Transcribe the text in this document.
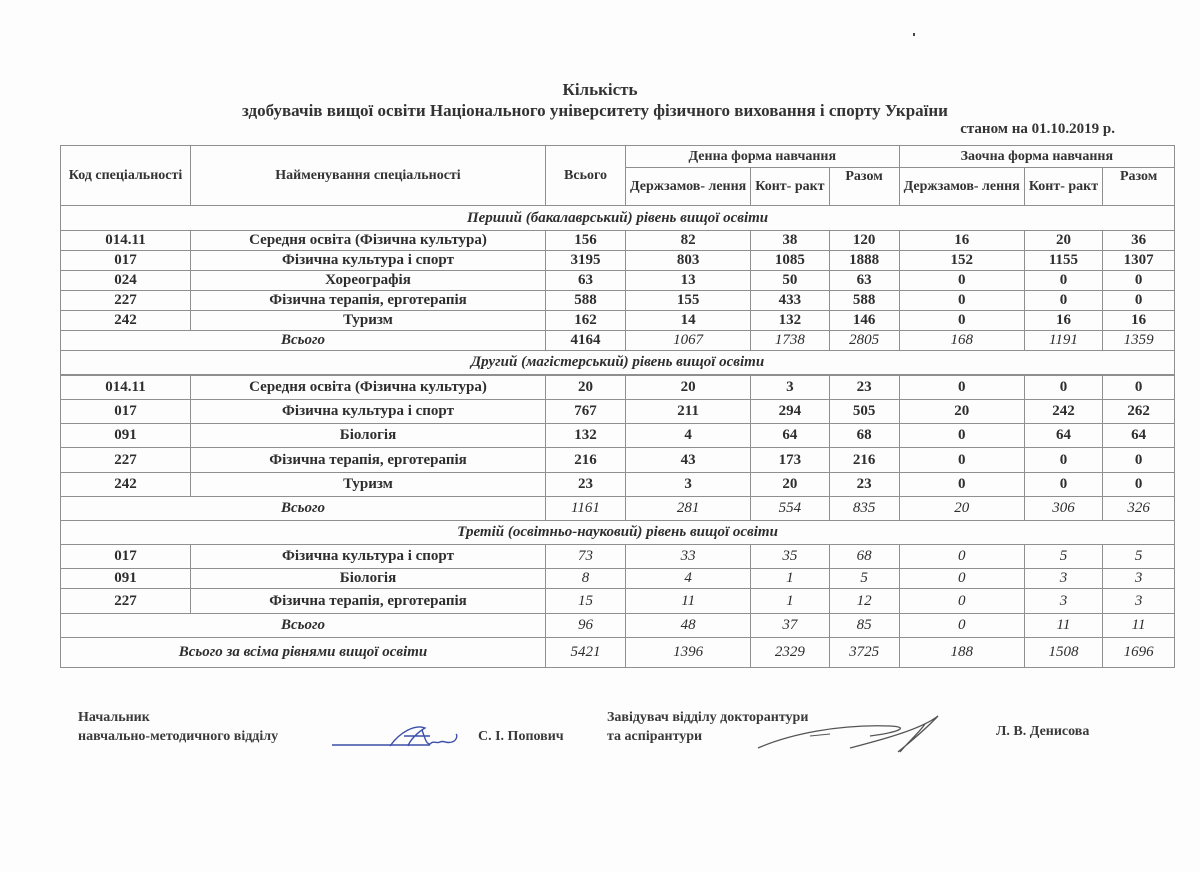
Кількість
здобувачів вищої освіти Національного університету фізичного виховання і спорту України
станом на 01.10.2019 р.
Код спеціальності	Найменування спеціальності	Всього	Денна форма навчання			Заочна форма навчання		
			Держзамов- лення	Конт- ракт	Разом	Держзамов- лення	Конт- ракт	Разом
Перший (бакалаврський) рівень вищої освіти								
014.11	Середня освіта (Фізична культура)	156	82	38	120	16	20	36
017	Фізична культура і спорт	3195	803	1085	1888	152	1155	1307
024	Хореографія	63	13	50	63	0	0	0
227	Фізична терапія, ерготерапія	588	155	433	588	0	0	0
242	Туризм	162	14	132	146	0	16	16
Всього		4164	1067	1738	2805	168	1191	1359
Другий (магістерський) рівень вищої освіти								
014.11	Середня освіта (Фізична культура)	20	20	3	23	0	0	0
017	Фізична культура і спорт	767	211	294	505	20	242	262
091	Біологія	132	4	64	68	0	64	64
227	Фізична терапія, ерготерапія	216	43	173	216	0	0	0
242	Туризм	23	3	20	23	0	0	0
Всього		1161	281	554	835	20	306	326
Третій (освітньо-науковий) рівень вищої освіти								
017	Фізична культура і спорт	73	33	35	68	0	5	5
091	Біологія	8	4	1	5	0	3	3
227	Фізична терапія, ерготерапія	15	11	1	12	0	3	3
Всього		96	48	37	85	0	11	11
Всього за всіма рівнями вищої освіти		5421	1396	2329	3725	188	1508	1696
Начальник
навчально-методичного відділу	С. І. Попович
Завідувач відділу докторантури
та аспірантури	Л. В. Денисова
